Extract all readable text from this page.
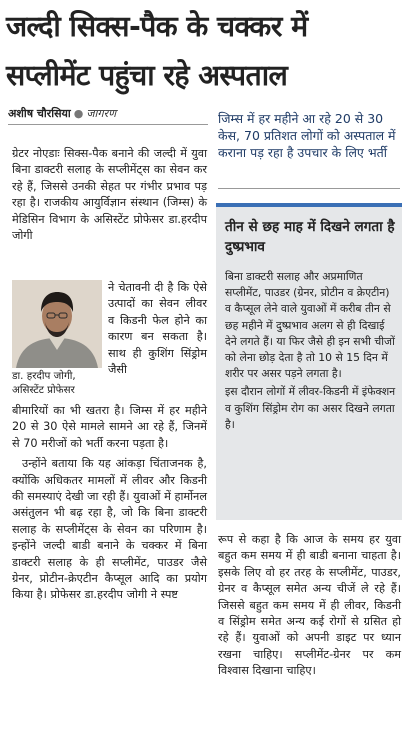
जल्दी सिक्स-पैक के चक्कर में
सप्लीमेंट पहुंचा रहे अस्पताल
अशीष चौरसिया ● जागरण

ग्रेटर नोएडाः सिक्स-पैक बनाने की जल्दी में युवा बिना डाक्टरी सलाह के सप्लीमेंट्स का सेवन कर रहे हैं, जिससे उनकी सेहत पर गंभीर प्रभाव पड़ रहा है। राजकीय आयुर्विज्ञान संस्थान (जिम्स) के मेडिसिन विभाग के असिस्टेंट प्रोफेसर डा.हरदीप जोगी

डा. हरदीप जोगी, असिस्टेंट प्रोफेसर
ने चेतावनी दी है कि ऐसे उत्पादों का सेवन लीवर व किडनी फेल होने का कारण बन सकता है। साथ ही कुशिंग सिंड्रोम जैसी

बीमारियों का भी खतरा है। जिम्स में हर महीने 20 से 30 ऐसे मामले सामने आ रहे हैं, जिनमें से 70 मरीजों को भर्ती करना पड़ता है।

उन्होंने बताया कि यह आंकड़ा चिंताजनक है, क्योंकि अधिकतर मामलों में लीवर और किडनी की समस्याएं देखी जा रही हैं। युवाओं में हार्मोनल असंतुलन भी बढ़ रहा है, जो कि बिना डाक्टरी सलाह के सप्लीमेंट्स के सेवन का परिणाम है। इन्होंने जल्दी बाडी बनाने के चक्कर में बिना डाक्टरी सलाह के ही सप्लीमेंट, पाउडर जैसे ग्रेनर, प्रोटीन-क्रेएटीन कैप्सूल आदि का प्रयोग किया है। प्रोफेसर डा.हरदीप जोगी ने स्पष्ट

जिम्स में हर महीने आ रहे 20 से 30 केस, 70 प्रतिशत लोगों को अस्पताल में कराना पड़ रहा है उपचार के लिए भर्ती
तीन से छह माह में दिखने लगता है दुष्प्रभाव

बिना डाक्टरी सलाह और अप्रमाणित सप्लीमेंट, पाउडर (ग्रेनर, प्रोटीन व क्रेएटीन) व कैप्सूल लेने वाले युवाओं में करीब तीन से छह महीने में दुष्प्रभाव अलग से ही दिखाई देने लगते हैं। या फिर जैसे ही इन सभी चीजों को लेना छोड़ देता है तो 10 से 15 दिन में शरीर पर असर पड़ने लगता है।

इस दौरान लोगों में लीवर-किडनी में इंफेक्शन व कुशिंग सिंड्रोम रोग का असर दिखने लगता है।

रूप से कहा है कि आज के समय हर युवा बहुत कम समय में ही बाडी बनाना चाहता है। इसके लिए वो हर तरह के सप्लीमेंट, पाउडर, ग्रेनर व कैप्सूल समेत अन्य चीजें ले रहे हैं। जिससे बहुत कम समय में ही लीवर, किडनी व सिंड्रोम समेत अन्य कई रोगों से ग्रसित हो रहे हैं। युवाओं को अपनी डाइट पर ध्यान रखना चाहिए। सप्लीमेंट-ग्रेनर पर कम विश्वास दिखाना चाहिए।
